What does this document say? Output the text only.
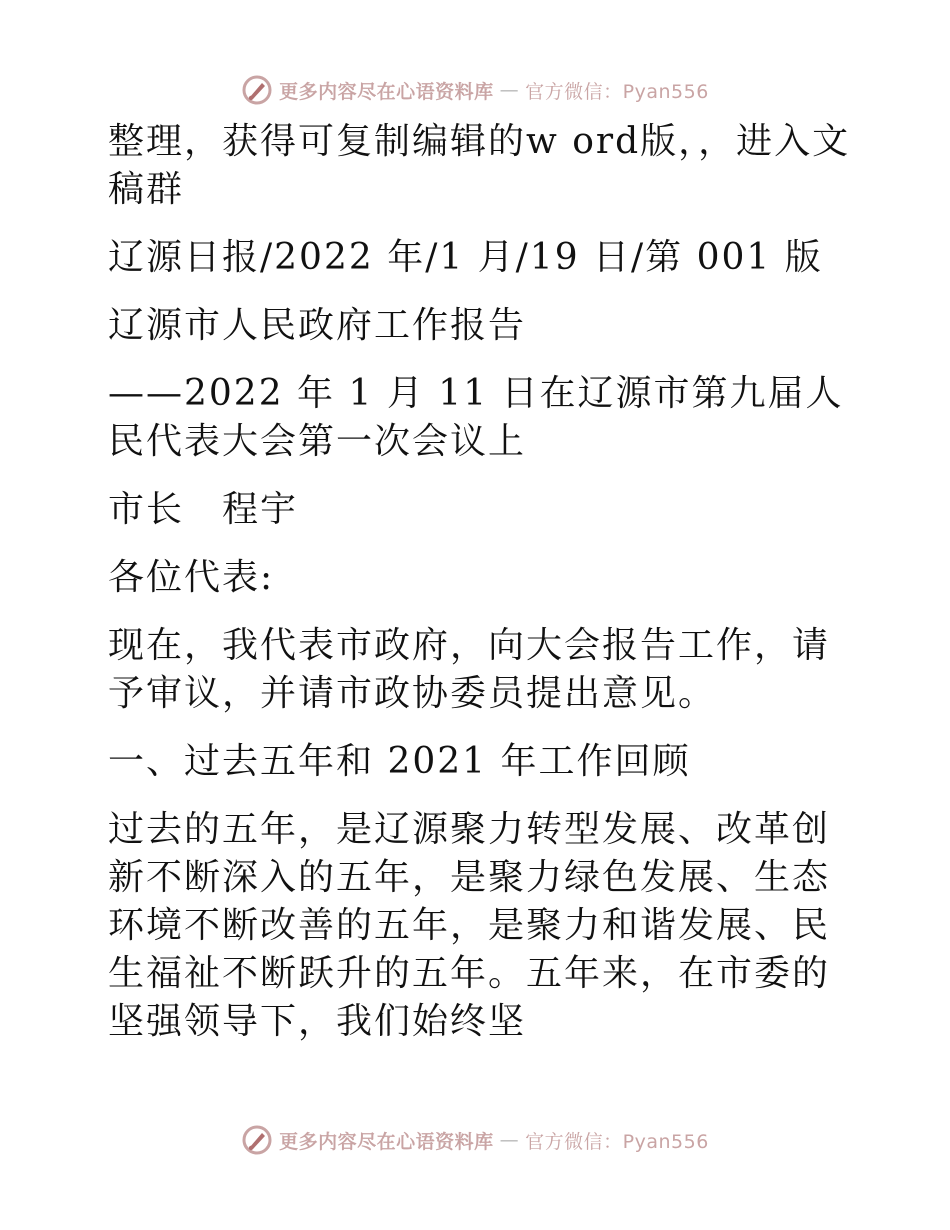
更多内容尽在心语资料库 — 官方微信：Pyan556

整理，获得可复制编辑的w ord版，，进入文稿群

辽源日报/2022 年/1 月/19 日/第 001 版

辽源市人民政府工作报告

——2022 年 1 月 11 日在辽源市第九届人民代表大会第一次会议上

市长　程宇

各位代表:

现在，我代表市政府，向大会报告工作，请予审议，并请市政协委员提出意见。

一、过去五年和 2021 年工作回顾

过去的五年，是辽源聚力转型发展、改革创新不断深入的五年，是聚力绿色发展、生态环境不断改善的五年，是聚力和谐发展、民生福祉不断跃升的五年。五年来，在市委的坚强领导下，我们始终坚

更多内容尽在心语资料库 — 官方微信：Pyan556
